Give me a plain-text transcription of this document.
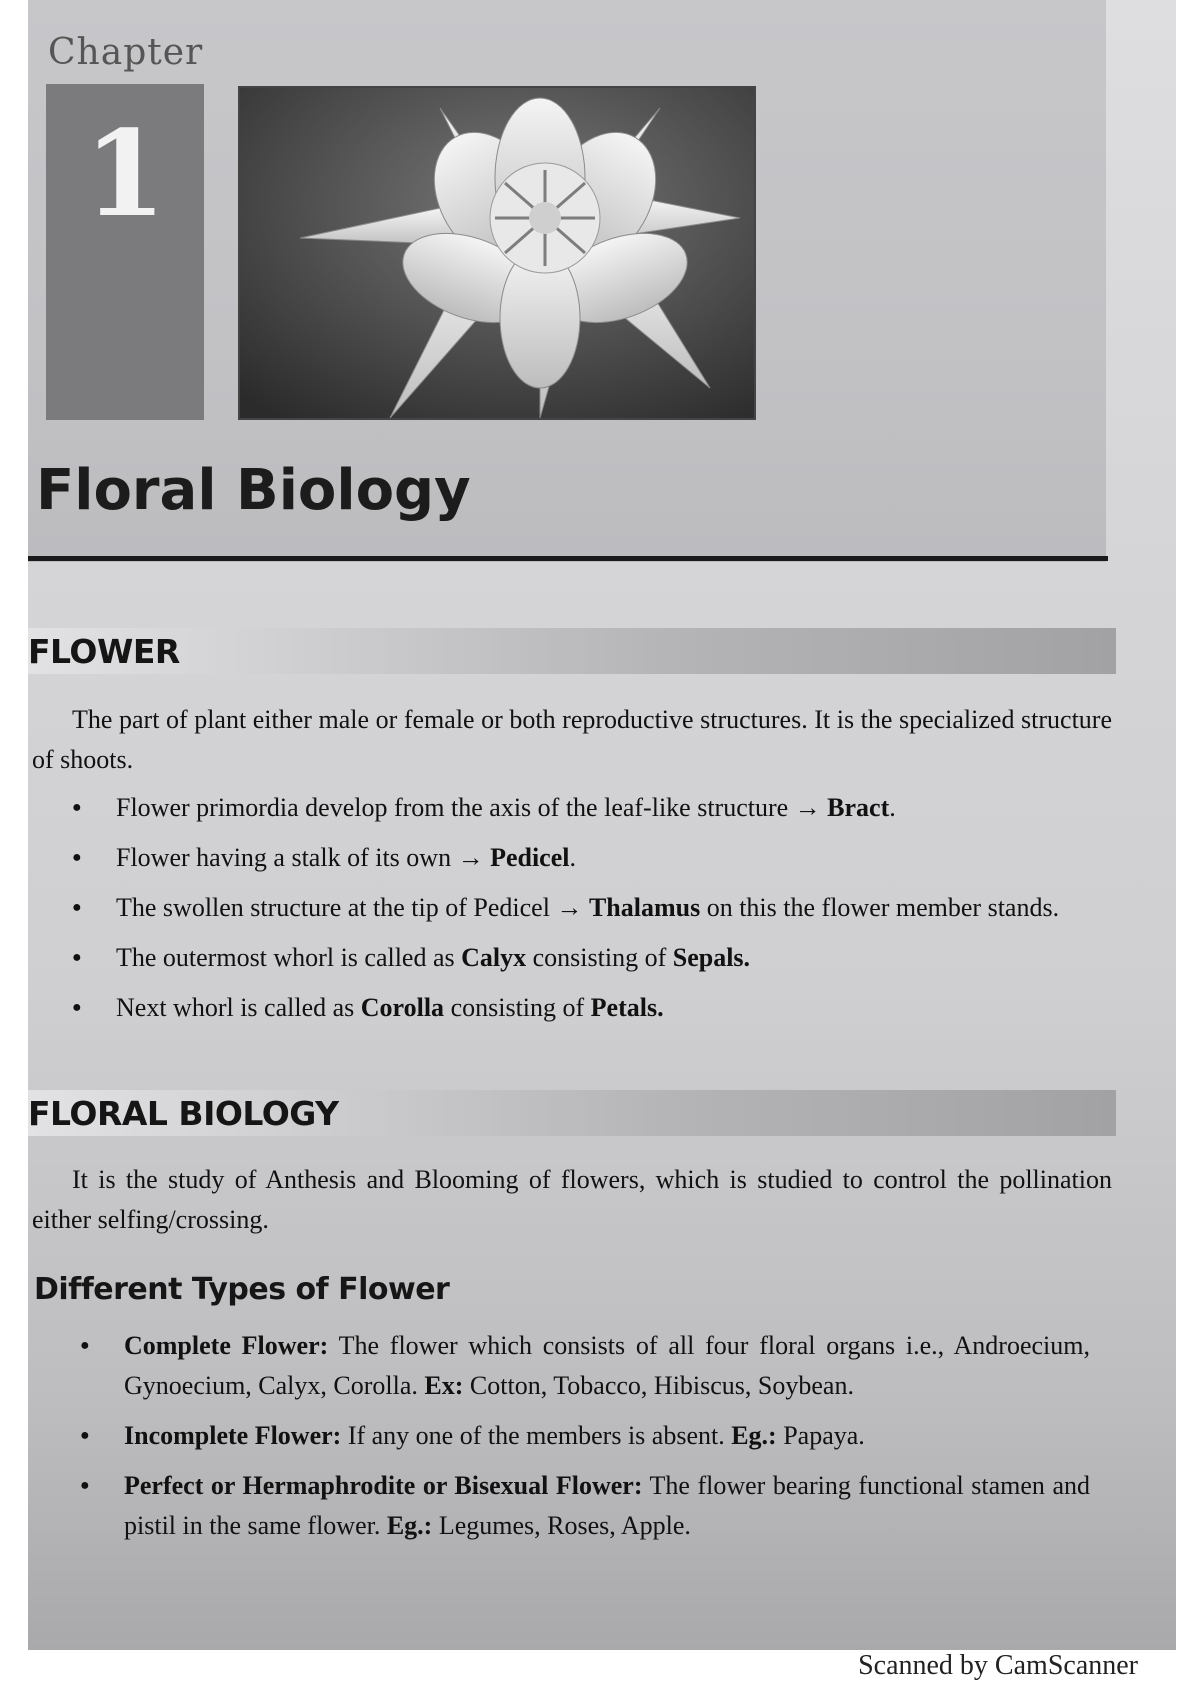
Chapter
1
Floral Biology
FLOWER
The part of plant either male or female or both reproductive structures. It is the specialized structure of shoots.
● Flower primordia develop from the axis of the leaf-like structure → Bract.
● Flower having a stalk of its own → Pedicel.
● The swollen structure at the tip of Pedicel → Thalamus on this the flower member stands.
● The outermost whorl is called as Calyx consisting of Sepals.
● Next whorl is called as Corolla consisting of Petals.
FLORAL BIOLOGY
It is the study of Anthesis and Blooming of flowers, which is studied to control the pollination either selfing/crossing.
Different Types of Flower
● Complete Flower: The flower which consists of all four floral organs i.e., Androecium, Gynoecium, Calyx, Corolla. Ex: Cotton, Tobacco, Hibiscus, Soybean.
● Incomplete Flower: If any one of the members is absent. Eg.: Papaya.
● Perfect or Hermaphrodite or Bisexual Flower: The flower bearing functional stamen and pistil in the same flower. Eg.: Legumes, Roses, Apple.
Scanned by CamScanner
